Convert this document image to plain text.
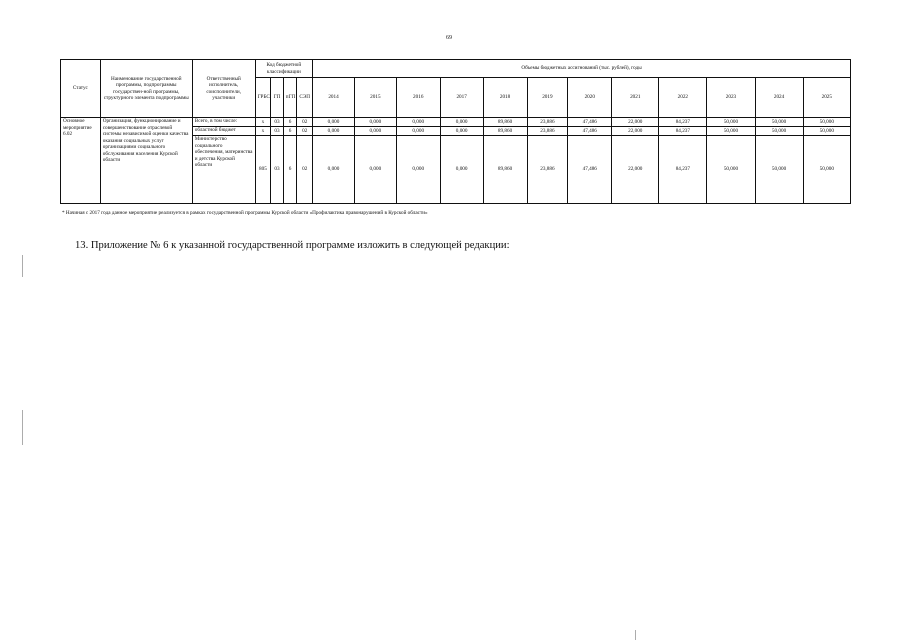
69
Статус	Наименование государственной программы, подпрограммы государствен-ной программы, структурного элемента подпрограммы	Ответственный исполнитель, соисполнители, участники	Код бюджетной классификации				Объемы бюджетных ассигнований (тыс. рублей), годы											
			ГРБС	ГП	пГП	СЭП	2014	2015	2016	2017	2018	2019	2020	2021	2022	2023	2024	2025
Основное мероприятие 6.02	Организация, функционирование и совершенствование отраслевой системы независимой оценки качества оказания социальных услуг организациями социального обслуживания населения Курской области	Всего, в том числе:	х	03	6	02	0,000	0,000	0,000	0,000	89,860	23,886	47,486	22,000	84,237	50,000	50,000	50,000
		областной бюджет	х	03	6	02	0,000	0,000	0,000	0,000	89,860	23,886	47,486	22,000	84,237	50,000	50,000	50,000
		Министерство социального обеспечения, материнства и детства Курской области	805	03	6	02	0,000	0,000	0,000	0,000	89,860	23,886	47,486	22,000	84,237	50,000	50,000	50,000
* Начиная с 2017 года данное мероприятие реализуется в рамках государственной программы Курской области «Профилактика правонарушений в Курской области»
13. Приложение № 6 к указанной государственной программе изложить в следующей редакции:
